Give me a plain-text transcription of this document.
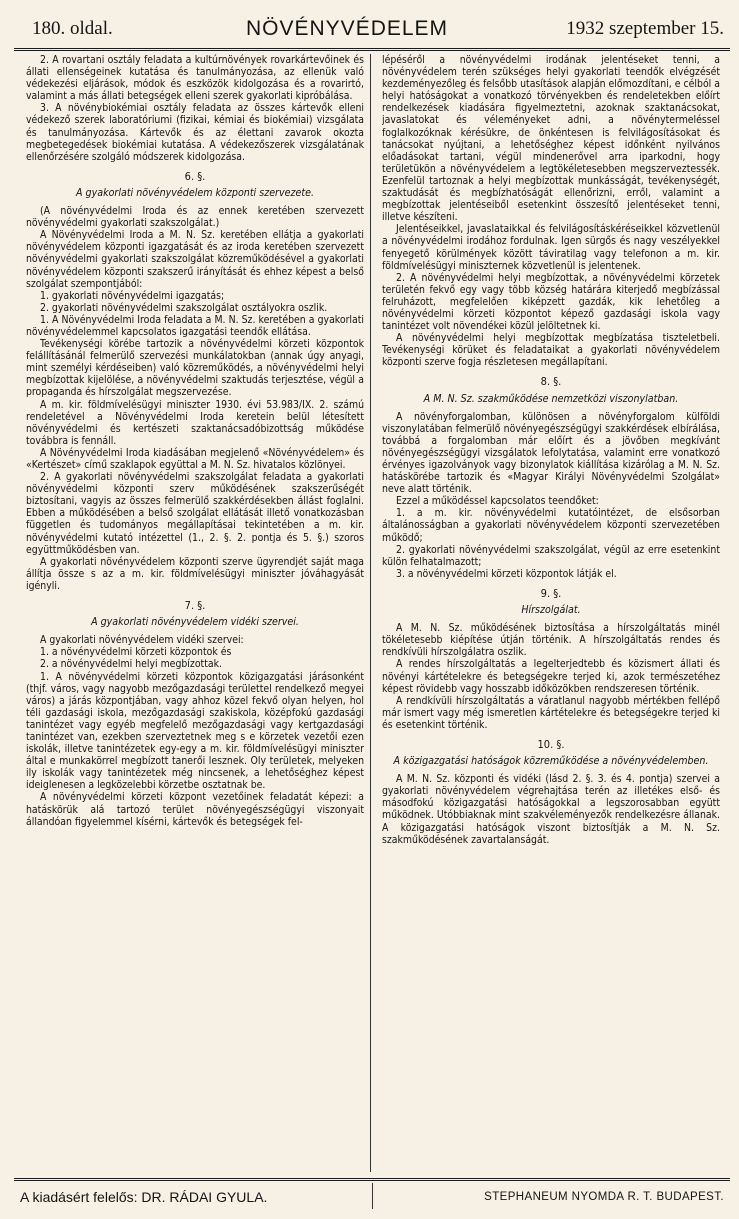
180. oldal.	NÖVÉNYVÉDELEM	1932 szeptember 15.

2. A rovartani osztály feladata a kultúrnövények rovarkártevőinek és állati ellenségeinek kutatása és tanulmányozása, az ellenük való védekezési eljárások, módok és eszközök kidolgozása és a rovarirtó, valamint a más állati betegségek elleni szerek gyakorlati kipróbálása.

3. A növénybiokémiai osztály feladata az összes kártevők elleni védekező szerek laboratóriumi (fizikai, kémiai és biokémiai) vizsgálata és tanulmányozása. Kártevők és az élettani zavarok okozta megbetegedések biokémiai kutatása. A védekezőszerek vizsgálatának ellenőrzésére szolgáló módszerek kidolgozása.

6. §.
A gyakorlati növényvédelem központi szervezete.

(A növényvédelmi Iroda és az ennek keretében szervezett növényvédelmi gyakorlati szakszolgálat.)

A Növényvédelmi Iroda a M. N. Sz. keretében ellátja a gyakorlati növényvédelem központi igazgatását és az iroda keretében szervezett növényvédelmi gyakorlati szakszolgálat közreműködésével a gyakorlati növényvédelem központi szakszerű irányítását és ehhez képest a belső szolgálat szempontjából:

1. gyakorlati növényvédelmi igazgatás;

2. gyakorlati növényvédelmi szakszolgálat osztályokra oszlik.

1. A Növényvédelmi Iroda feladata a M. N. Sz. keretében a gyakorlati növényvédelemmel kapcsolatos igazgatási teendők ellátása.

Tevékenységi körébe tartozik a növényvédelmi körzeti központok felállításánál felmerülő szervezési munkálatokban (annak úgy anyagi, mint személyi kérdéseiben) való közreműködés, a növényvédelmi helyi megbízottak kijelölése, a növényvédelmi szaktudás terjesztése, végül a propaganda és hírszolgálat megszervezése.

A m. kir. földmívelésügyi miniszter 1930. évi 53.983/IX. 2. számú rendeletével a Növényvédelmi Iroda keretein belül létesített növényvédelmi és kertészeti szaktanácsadóbizottság működése továbbra is fennáll.

A Növényvédelmi Iroda kiadásában megjelenő «Növényvédelem» és «Kertészet» című szaklapok együttal a M. N. Sz. hivatalos közlönyei.

2. A gyakorlati növényvédelmi szakszolgálat feladata a gyakorlati növényvédelmi központi szerv működésének szakszerűségét biztosítani, vagyis az összes felmerülő szakkérdésekben állást foglalni. Ebben a működésében a belső szolgálat ellátását illető vonatkozásban független és tudományos megállapításai tekintetében a m. kir. növényvédelmi kutató intézettel (1., 2. §. 2. pontja és 5. §.) szoros együttműködésben van.

A gyakorlati növényvédelem központi szerve ügyrendjét saját maga állítja össze s az a m. kir. földmívelésügyi miniszter jóváhagyását igényli.

7. §.
A gyakorlati növényvédelem vidéki szervei.

A gyakorlati növényvédelem vidéki szervei:

1. a növényvédelmi körzeti központok és

2. a növényvédelmi helyi megbízottak.

1. A növényvédelmi körzeti központok közigazgatási járásonként (thjf. város, vagy nagyobb mezőgazdasági területtel rendelkező megyei város) a járás központjában, vagy ahhoz közel fekvő olyan helyen, hol téli gazdasági iskola, mezőgazdasági szakiskola, középfokú gazdasági tanintézet vagy egyéb megfelelő mezőgazdasági vagy kertgazdasági tanintézet van, ezekben szerveztetnek meg s e körzetek vezetői ezen iskolák, illetve tanintézetek egy-egy a m. kir. földmívelésügyi miniszter által e munkakörrel megbízott tanerői lesznek. Oly területek, melyeken ily iskolák vagy tanintézetek még nincsenek, a lehetőséghez képest ideiglenesen a legközelebbi körzetbe osztatnak be.

A növényvédelmi körzeti központ vezetőinek feladatát képezi: a hatáskörük alá tartozó terület növényegészségügyi viszonyait állandóan figyelemmel kísérni, kártevők és betegségek fel-

lépéséről a növényvédelmi irodának jelentéseket tenni, a növényvédelem terén szükséges helyi gyakorlati teendők elvégzését kezdeményezőleg és felsőbb utasítások alapján előmozdítani, e célból a helyi hatóságokat a vonatkozó törvényekben és rendeletekben előírt rendelkezések kiadására figyelmeztetni, azoknak szaktanácsokat, javaslatokat és véleményeket adni, a növénytermeléssel foglalkozóknak kérésükre, de önkéntesen is felvilágosításokat és tanácsokat nyújtani, a lehetőséghez képest időnként nyilvános előadásokat tartani, végül mindenerővel arra iparkodni, hogy területükön a növényvédelem a legtökéletesebben megszerveztessék. Ezenfelül tartoznak a helyi megbízottak munkásságát, tevékenységét, szaktudását és megbízhatóságát ellenőrizni, erről, valamint a megbízottak jelentéseiből esetenkint összesítő jelentéseket tenni, illetve készíteni.

Jelentéseikkel, javaslataikkal és felvilágosításkéréseikkel közvetlenül a növényvédelmi irodához fordulnak. Igen sürgős és nagy veszélyekkel fenyegető körülmények között táviratilag vagy telefonon a m. kir. földmívelésügyi miniszternek közvetlenül is jelentenek.

2. A növényvédelmi helyi megbízottak, a növényvédelmi körzetek területén fekvő egy vagy több község határára kiterjedő megbízással felruházott, megfelelően kiképzett gazdák, kik lehetőleg a növényvédelmi körzeti központot képező gazdasági iskola vagy tanintézet volt növendékei közül jelöltetnek ki.

A növényvédelmi helyi megbízottak megbízatása tiszteletbeli. Tevékenységi körüket és feladataikat a gyakorlati növényvédelem központi szerve fogja részletesen megállapítani.

8. §.
A M. N. Sz. szakműködése nemzetközi viszonylatban.

A növényforgalomban, különösen a növényforgalom külföldi viszonylatában felmerülő növényegészségügyi szakkérdések elbírálása, továbbá a forgalomban már előírt és a jövőben megkívánt növényegészségügyi vizsgálatok lefolytatása, valamint erre vonatkozó érvényes igazolványok vagy bizonylatok kiállítása kizárólag a M. N. Sz. hatáskörébe tartozik és «Magyar Királyi Növényvédelmi Szolgálat» neve alatt történik.

Ezzel a működéssel kapcsolatos teendőket:

1. a m. kir. növényvédelmi kutatóintézet, de elsősorban általánosságban a gyakorlati növényvédelem központi szervezetében működő;

2. gyakorlati növényvédelmi szakszolgálat, végül az erre esetenkint külön felhatalmazott;

3. a növényvédelmi körzeti központok látják el.

9. §.
Hírszolgálat.

A M. N. Sz. működésének biztosítása a hírszolgáltatás minél tökéletesebb kiépítése útján történik. A hírszolgáltatás rendes és rendkívüli hírszolgálatra oszlik.

A rendes hírszolgáltatás a legelterjedtebb és közismert állati és növényi kártételekre és betegségekre terjed ki, azok természetéhez képest rövidebb vagy hosszabb időközökben rendszeresen történik.

A rendkívüli hírszolgáltatás a váratlanul nagyobb mértékben fellépő már ismert vagy még ismeretlen kártételekre és betegségekre terjed ki és esetenkint történik.

10. §.
A közigazgatási hatóságok közreműködése a növényvédelemben.

A M. N. Sz. központi és vidéki (lásd 2. §. 3. és 4. pontja) szervei a gyakorlati növényvédelem végrehajtása terén az illetékes első- és másodfokú közigazgatási hatóságokkal a legszorosabban együtt működnek. Utóbbiaknak mint szakvéleményezők rendelkezésre állanak. A közigazgatási hatóságok viszont biztosítják a M. N. Sz. szakműködésének zavartalanságát.

A kiadásért felelős: DR. RÁDAI GYULA.	STEPHANEUM NYOMDA R. T. BUDAPEST.
